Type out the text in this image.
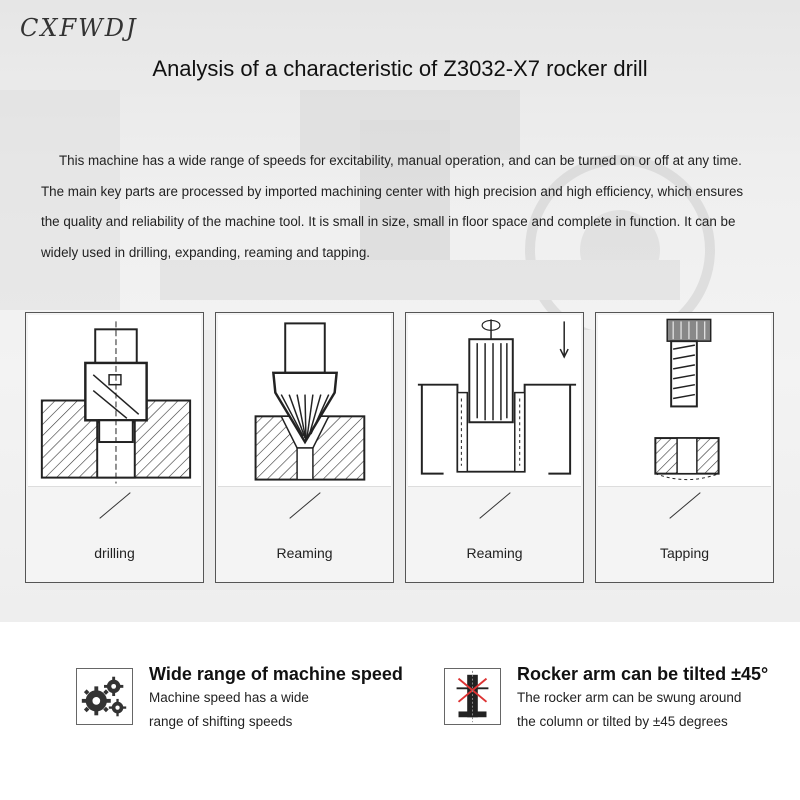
CXFWDJ
Analysis of a characteristic of Z3032-X7 rocker drill
This machine has a wide range of speeds for excitability, manual operation, and can be turned on or off at any time.
The main key parts are processed by imported machining center with high precision and high efficiency, which ensures
the quality and reliability of the machine tool. It is small in size, small in floor space and complete in function. It can be
widely used in drilling, expanding, reaming and tapping.
drilling	Reaming	Reaming	Tapping
Wide range of machine speed
Machine speed has a wide
range of shifting speeds
Rocker arm can be tilted ±45°
The rocker arm can be swung around
the column or tilted by ±45 degrees
